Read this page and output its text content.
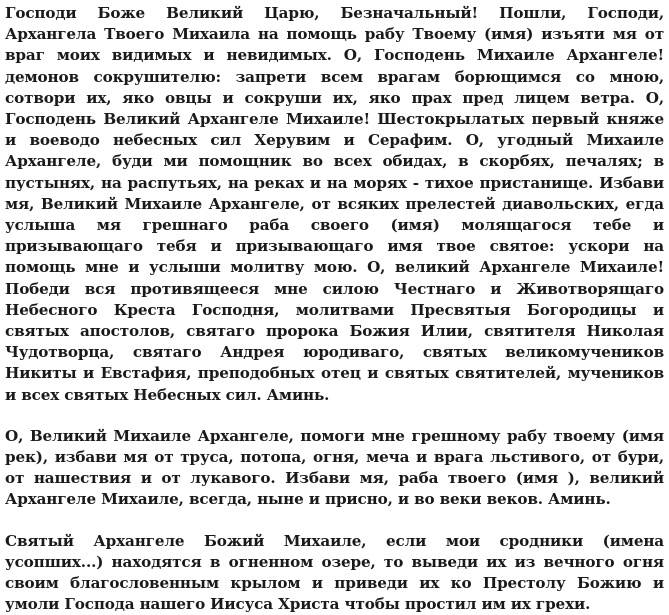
Господи Боже Великий Царю, Безначальный! Пошли, Господи, Архангела Твоего Михаила на помощь рабу Твоему (имя) изъяти мя от враг моих видимых и невидимых. О, Господень Михаиле Архангеле! демонов сокрушителю: запрети всем врагам борющимся со мною, сотвори их, яко овцы и сокруши их, яко прах пред лицем ветра. О, Господень Великий Архангеле Михаиле! Шестокрылатых первый княже и воеводо небесных сил Херувим и Серафим. О, угодный Михаиле Архангеле, буди ми помощник во всех обидах, в скорбях, печалях; в пустынях, на распутьях, на реках и на морях - тихое пристанище. Избави мя, Великий Михаиле Архангеле, от всяких прелестей диавольских, егда услыша мя грешнаго раба своего (имя) молящагося тебе и призывающаго тебя и призывающаго имя твое святое: ускори на помощь мне и услыши молитву мою. О, великий Архангеле Михаиле! Победи вся противящееся мне силою Честнаго и Животворящаго Небесного Креста Господня, молитвами Пресвятыя Богородицы и святых апостолов, святаго пророка Божия Илии, святителя Николая Чудотворца, святаго Андрея юродиваго, святых великомучеников Никиты и Евстафия, преподобных отец и святых святителей, мучеников и всех святых Небесных сил. Аминь.

О, Великий Михаиле Архангеле, помоги мне грешному рабу твоему (имя рек), избави мя от труса, потопа, огня, меча и врага льстивого, от бури, от нашествия и от лукавого. Избави мя, раба твоего (имя ), великий Архангеле Михаиле, всегда, ныне и присно, и во веки веков. Аминь.

Святый Архангеле Божий Михаиле, если мои сродники (имена усопших...) находятся в огненном озере, то выведи их из вечного огня своим благословенным крылом и приведи их ко Престолу Божию и умоли Господа нашего Иисуса Христа чтобы простил им их грехи.
